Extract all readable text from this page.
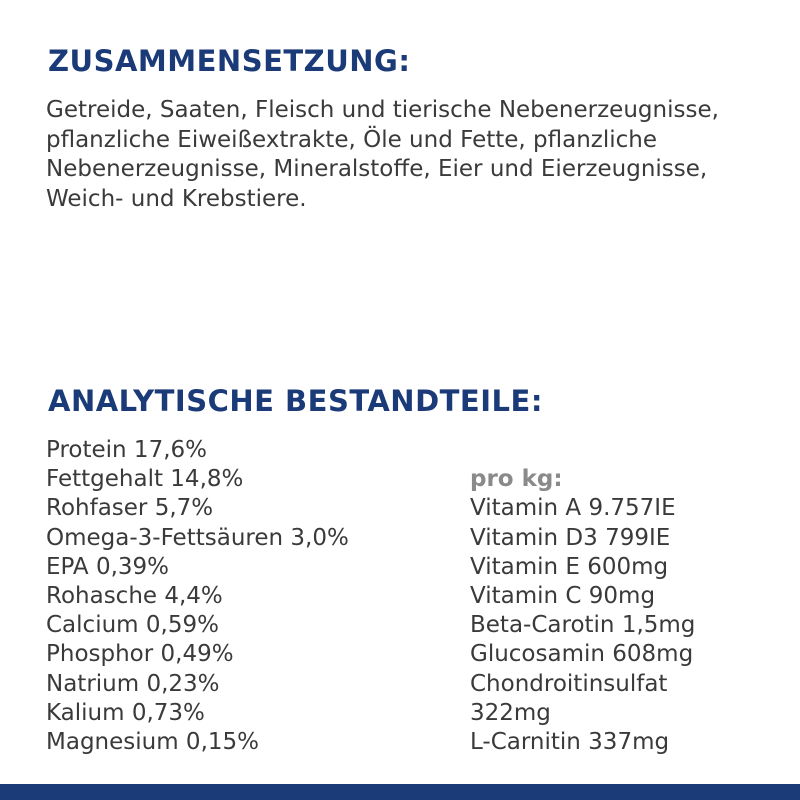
ZUSAMMENSETZUNG:

Getreide, Saaten, Fleisch und tierische Nebenerzeugnisse, pflanzliche Eiweißextrakte, Öle und Fette, pflanzliche Nebenerzeugnisse, Mineralstoffe, Eier und Eierzeugnisse, Weich- und Krebstiere.

ANALYTISCHE BESTANDTEILE:
Protein 17,6%
Fettgehalt 14,8%
Rohfaser 5,7%
Omega-3-Fettsäuren 3,0%
EPA 0,39%
Rohasche 4,4%
Calcium 0,59%
Phosphor 0,49%
Natrium 0,23%
Kalium 0,73%
Magnesium 0,15%

pro kg:
Vitamin A 9.757IE
Vitamin D3 799IE
Vitamin E 600mg
Vitamin C 90mg
Beta-Carotin 1,5mg
Glucosamin 608mg
Chondroitinsulfat 322mg
L-Carnitin 337mg
